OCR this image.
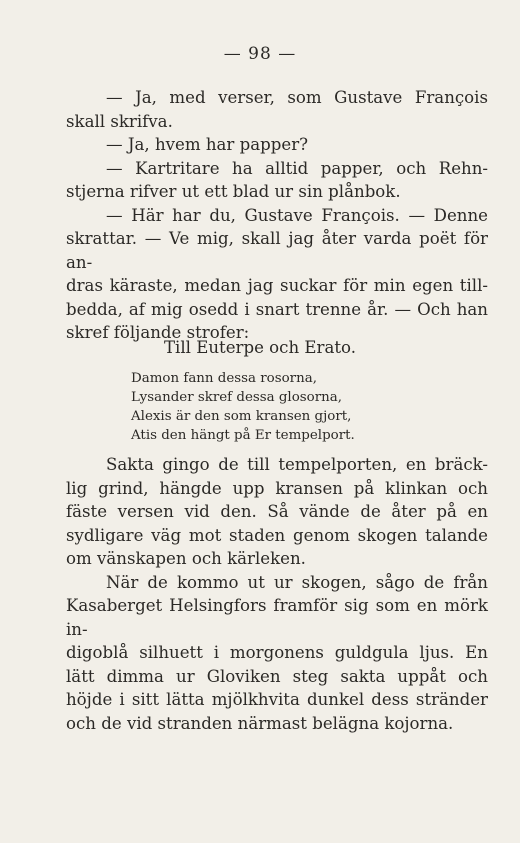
— 98 —
— Ja, med verser, som Gustave François
skall skrifva.
— Ja, hvem har papper?
— Kartritare ha alltid papper, och Rehn-
stjerna rifver ut ett blad ur sin plånbok.
— Här har du, Gustave François. — Denne
skrattar. — Ve mig, skall jag åter varda poët för an-
dras käraste, medan jag suckar för min egen till-
bedda, af mig osedd i snart trenne år. — Och han
skref följande strofer:
Till Euterpe och Erato.
Damon fann dessa rosorna,
Lysander skref dessa glosorna,
Alexis är den som kransen gjort,
Atis den hängt på Er tempelport.
Sakta gingo de till tempelporten, en bräck-
lig grind, hängde upp kransen på klinkan och
fäste versen vid den. Så vände de åter på en
sydligare väg mot staden genom skogen talande
om vänskapen och kärleken.
När de kommo ut ur skogen, sågo de från
Kasaberget Helsingfors framför sig som en mörk in-
digoblå silhuett i morgonens guldgula ljus. En
lätt dimma ur Gloviken steg sakta uppåt och
höjde i sitt lätta mjölkhvita dunkel dess stränder
och de vid stranden närmast belägna kojorna.
